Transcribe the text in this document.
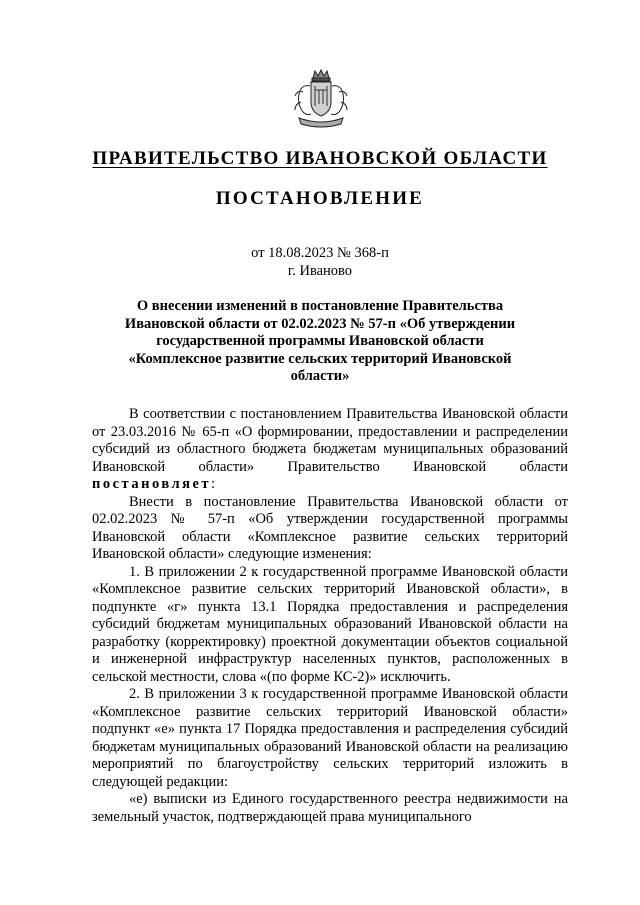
ПРАВИТЕЛЬСТВО ИВАНОВСКОЙ ОБЛАСТИ
ПОСТАНОВЛЕНИЕ
от 18.08.2023 № 368-п
г. Иваново
О внесении изменений в постановление Правительства Ивановской области от 02.02.2023 № 57-п «Об утверждении государственной программы Ивановской области «Комплексное развитие сельских территорий Ивановской области»

В соответствии с постановлением Правительства Ивановской области от 23.03.2016 № 65-п «О формировании, предоставлении и распределении субсидий из областного бюджета бюджетам муниципальных образований Ивановской области» Правительство Ивановской области постановляет:

Внести в постановление Правительства Ивановской области от 02.02.2023 № 57-п «Об утверждении государственной программы Ивановской области «Комплексное развитие сельских территорий Ивановской области» следующие изменения:

1. В приложении 2 к государственной программе Ивановской области «Комплексное развитие сельских территорий Ивановской области», в подпункте «г» пункта 13.1 Порядка предоставления и распределения субсидий бюджетам муниципальных образований Ивановской области на разработку (корректировку) проектной документации объектов социальной и инженерной инфраструктур населенных пунктов, расположенных в сельской местности, слова «(по форме КС-2)» исключить.

2. В приложении 3 к государственной программе Ивановской области «Комплексное развитие сельских территорий Ивановской области» подпункт «е» пункта 17 Порядка предоставления и распределения субсидий бюджетам муниципальных образований Ивановской области на реализацию мероприятий по благоустройству сельских территорий изложить в следующей редакции:

«е) выписки из Единого государственного реестра недвижимости на земельный участок, подтверждающей права муниципального
